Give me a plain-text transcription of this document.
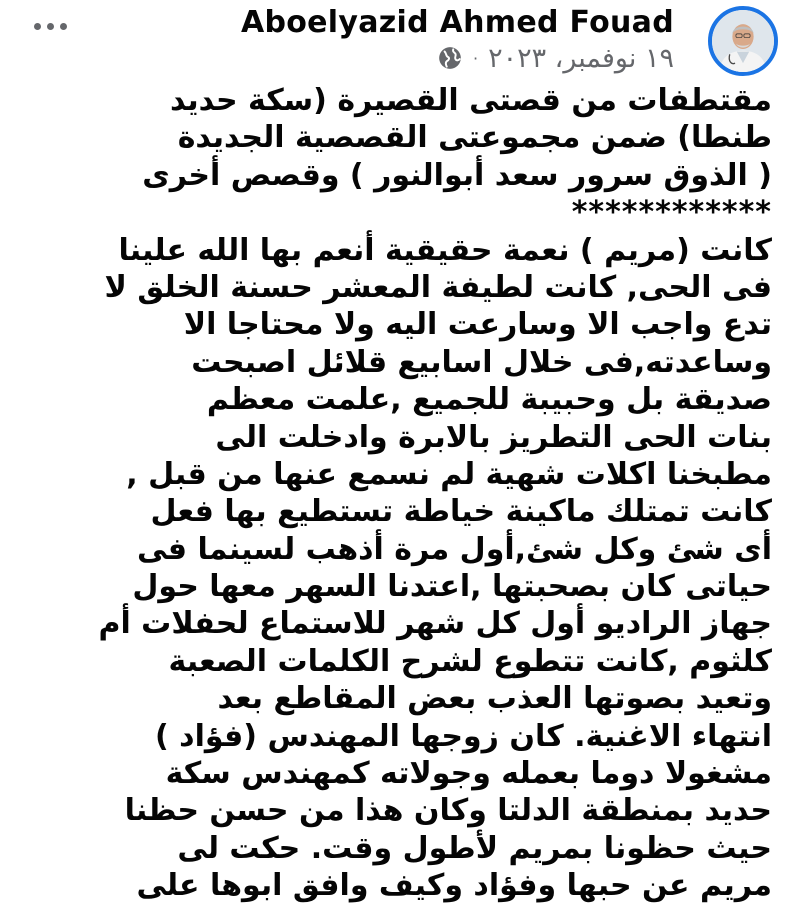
Aboelyazid Ahmed Fouad
· ١٩ نوفمبر، ٢٠٢٣
مقتطفات من قصتى القصيرة (سكة حديد
طنطا) ضمن مجموعتى القصصية الجديدة
( الذوق سرور سعد أبوالنور ) وقصص أخرى
************
كانت (مريم ) نعمة حقيقية أنعم بها الله علينا
فى الحى, كانت لطيفة المعشر حسنة الخلق لا
تدع واجب الا وسارعت اليه ولا محتاجا الا
وساعدته,فى خلال اسابيع قلائل اصبحت
صديقة بل وحبيبة للجميع ,علمت معظم
بنات الحى التطريز بالابرة وادخلت الى
مطبخنا اكلات شهية لم نسمع عنها من قبل ,
كانت تمتلك ماكينة خياطة تستطيع بها فعل
أى شئ وكل شئ,أول مرة أذهب لسينما فى
حياتى كان بصحبتها ,اعتدنا السهر معها حول
جهاز الراديو أول كل شهر للاستماع لحفلات أم
كلثوم ,كانت تتطوع لشرح الكلمات الصعبة
وتعيد بصوتها العذب بعض المقاطع بعد
انتهاء الاغنية. كان زوجها المهندس (فؤاد )
مشغولا دوما بعمله وجولاته كمهندس سكة
حديد بمنطقة الدلتا وكان هذا من حسن حظنا
حيث حظونا بمريم لأطول وقت. حكت لى
مريم عن حبها وفؤاد وكيف وافق ابوها على
